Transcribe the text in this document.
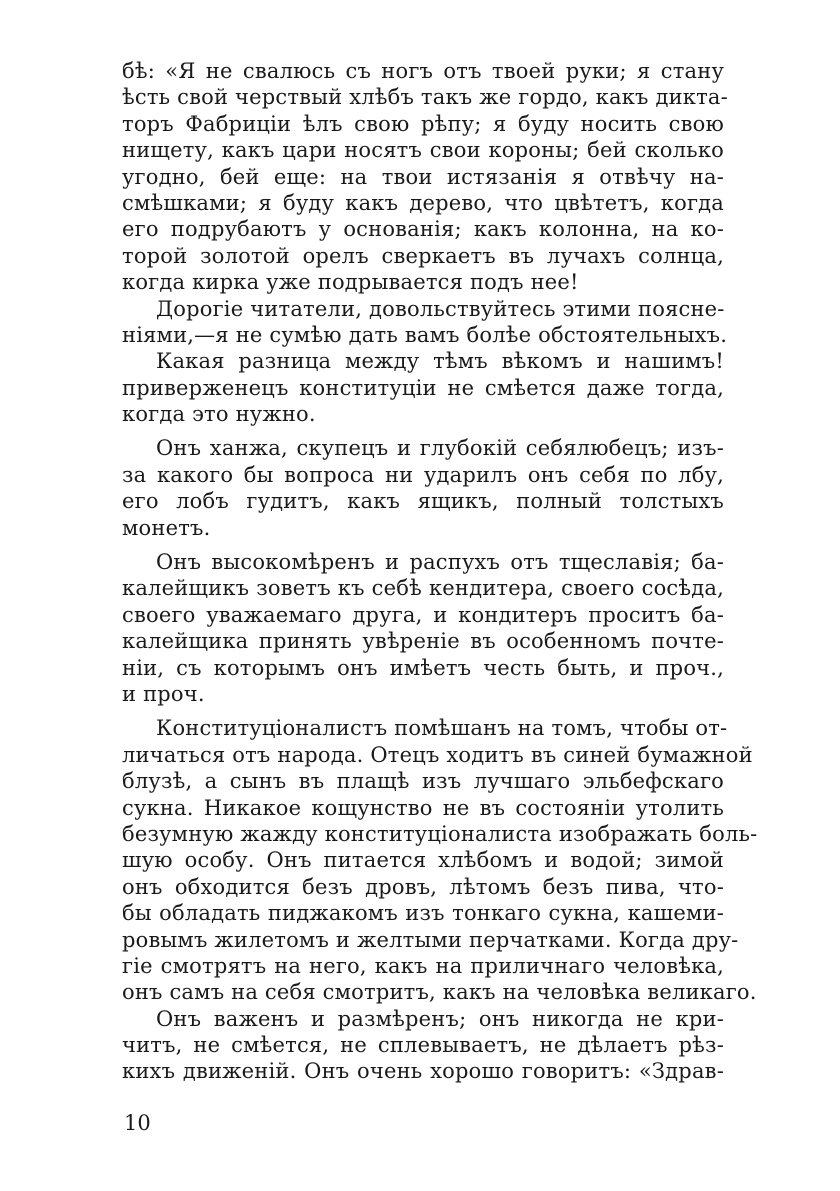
бѣ: «Я не свалюсь съ ногъ отъ твоей руки; я стану
ѣсть свой черствый хлѣбъ такъ же гордо, какъ дикта-
торъ Фабриціи ѣлъ свою рѣпу; я буду носить свою
нищету, какъ цари носятъ свои короны; бей сколько
угодно, бей еще: на твои истязанія я отвѣчу на-
смѣшками; я буду какъ дерево, что цвѣтетъ, когда
его подрубаютъ у основанія; какъ колонна, на ко-
торой золотой орелъ сверкаетъ въ лучахъ солнца,
когда кирка уже подрывается подъ нее!
Дорогіе читатели, довольствуйтесь этими поясне-
ніями,—я не сумѣю дать вамъ болѣе обстоятельныхъ.
Какая разница между тѣмъ вѣкомъ и нашимъ!
приверженецъ конституціи не смѣется даже тогда,
когда это нужно.
Онъ ханжа, скупецъ и глубокій себялюбецъ; изъ-
за какого бы вопроса ни ударилъ онъ себя по лбу,
его лобъ гудитъ, какъ ящикъ, полный толстыхъ
монетъ.
Онъ высокомѣренъ и распухъ отъ тщеславія; ба-
калейщикъ зоветъ къ себѣ кендитера, своего сосѣда,
своего уважаемаго друга, и кондитеръ проситъ ба-
калейщика принять увѣреніе въ особенномъ почте-
ніи, съ которымъ онъ имѣетъ честь быть, и проч.,
и проч.
Конституціоналистъ помѣшанъ на томъ, чтобы от-
личаться отъ народа. Отецъ ходитъ въ синей бумажной
блузѣ, а сынъ въ плащѣ изъ лучшаго эльбефскаго
сукна. Никакое кощунство не въ состояніи утолить
безумную жажду конституціоналиста изображать боль-
шую особу. Онъ питается хлѣбомъ и водой; зимой
онъ обходится безъ дровъ, лѣтомъ безъ пива, что-
бы обладать пиджакомъ изъ тонкаго сукна, кашеми-
ровымъ жилетомъ и желтыми перчатками. Когда дру-
гіе смотрятъ на него, какъ на приличнаго человѣка,
онъ самъ на себя смотритъ, какъ на человѣка великаго.
Онъ важенъ и размѣренъ; онъ никогда не кри-
читъ, не смѣется, не сплевываетъ, не дѣлаетъ рѣз-
кихъ движеній. Онъ очень хорошо говоритъ: «Здрав-
10
